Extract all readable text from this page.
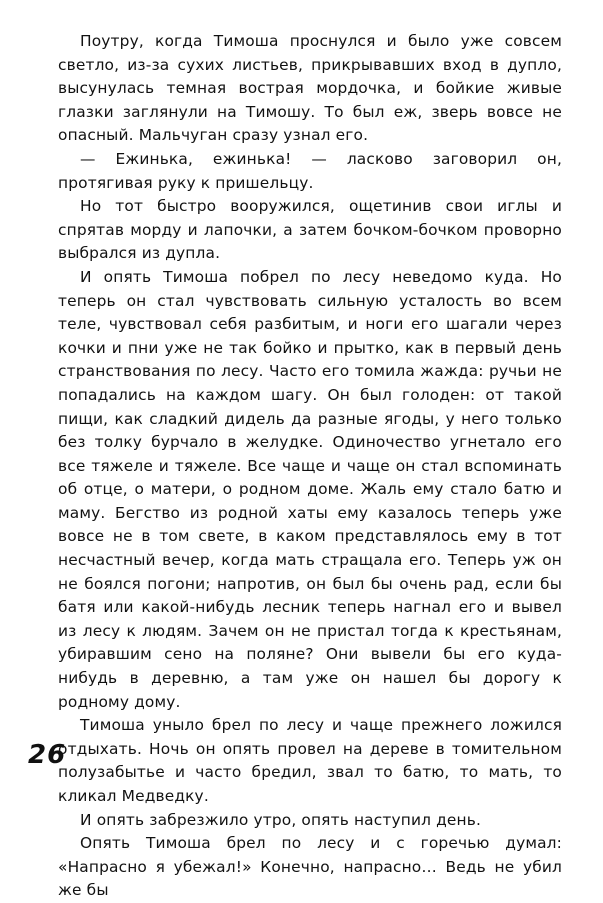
Поутру, когда Тимоша проснулся и было уже совсем светло, из-за сухих листьев, прикрывавших вход в дупло, высунулась темная вострая мордочка, и бойкие живые глазки заглянули на Тимошу. То был еж, зверь вовсе не опасный. Мальчуган сразу узнал его.

— Ежинька, ежинька! — ласково заговорил он, протягивая руку к пришельцу.

Но тот быстро вооружился, ощетинив свои иглы и спрятав морду и лапочки, а затем бочком-бочком проворно выбрался из дупла.

И опять Тимоша побрел по лесу неведомо куда. Но теперь он стал чувствовать сильную усталость во всем теле, чувствовал себя разбитым, и ноги его шагали через кочки и пни уже не так бойко и прытко, как в первый день странствования по лесу. Часто его томила жажда: ручьи не попадались на каждом шагу. Он был голоден: от такой пищи, как сладкий дидель да разные ягоды, у него только без толку бурчало в желудке. Одиночество угнетало его все тяжеле и тяжеле. Все чаще и чаще он стал вспоминать об отце, о матери, о родном доме. Жаль ему стало батю и маму. Бегство из родной хаты ему казалось теперь уже вовсе не в том свете, в каком представлялось ему в тот несчастный вечер, когда мать стращала его. Теперь уж он не боялся погони; напротив, он был бы очень рад, если бы батя или какой-нибудь лесник теперь нагнал его и вывел из лесу к людям. Зачем он не пристал тогда к крестьянам, убиравшим сено на поляне? Они вывели бы его куда-нибудь в деревню, а там уже он нашел бы дорогу к родному дому.

Тимоша уныло брел по лесу и чаще прежнего ложился отдыхать. Ночь он опять провел на дереве в томительном полузабытье и часто бредил, звал то батю, то мать, то кликал Медведку.

И опять забрезжило утро, опять наступил день.

Опять Тимоша брел по лесу и с горечью думал: «Напрасно я убежал!» Конечно, напрасно… Ведь не убил же бы

26
